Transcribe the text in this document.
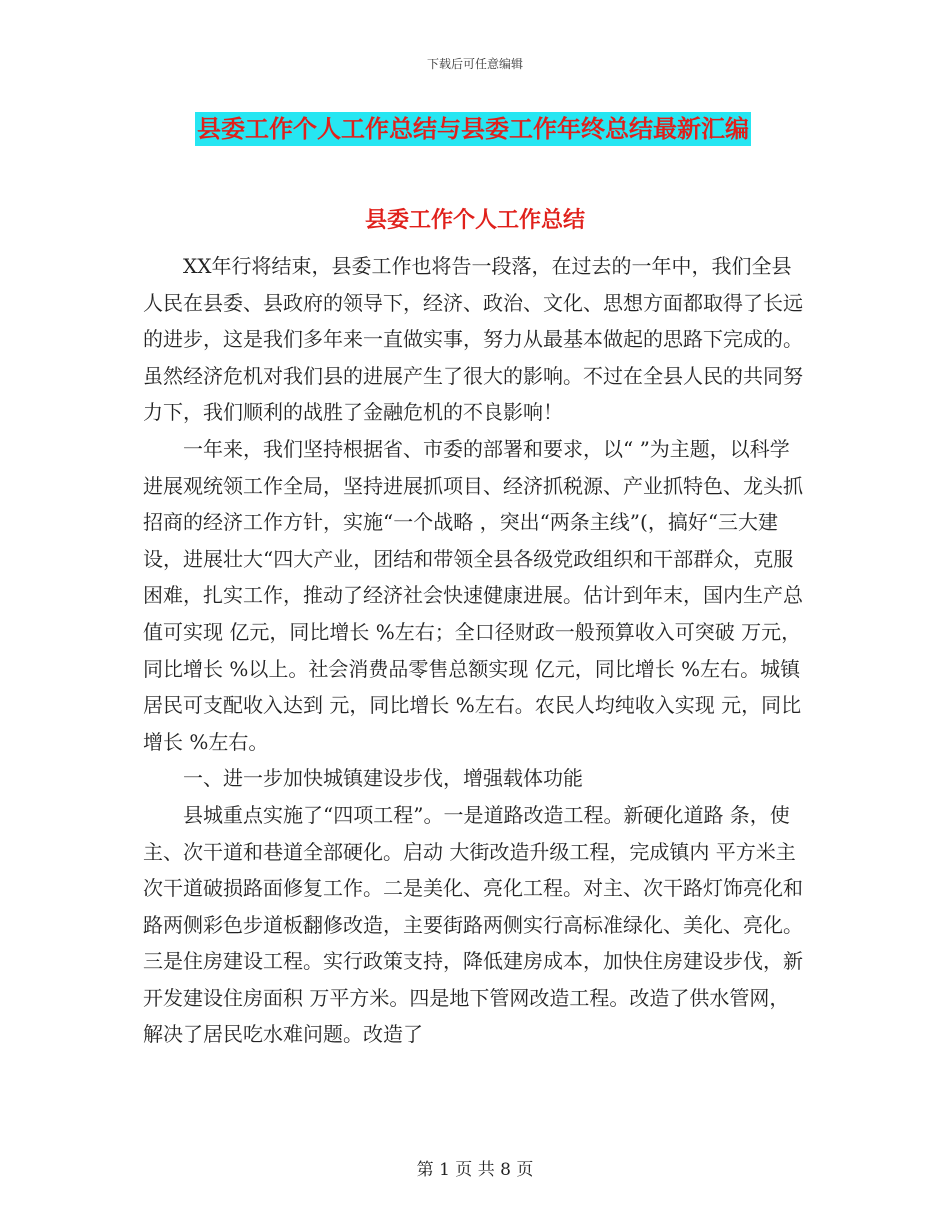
下载后可任意编辑
县委工作个人工作总结与县委工作年终总结最新汇编
县委工作个人工作总结

XX年行将结束，县委工作也将告一段落，在过去的一年中，我们全县人民在县委、县政府的领导下，经济、政治、文化、思想方面都取得了长远的进步，这是我们多年来一直做实事，努力从最基本做起的思路下完成的。虽然经济危机对我们县的进展产生了很大的影响。不过在全县人民的共同努力下，我们顺利的战胜了金融危机的不良影响！

一年来，我们坚持根据省、市委的部署和要求，以“ ”为主题，以科学进展观统领工作全局，坚持进展抓项目、经济抓税源、产业抓特色、龙头抓招商的经济工作方针，实施“一个战略 ，突出“两条主线”(，搞好“三大建设，进展壮大“四大产业，团结和带领全县各级党政组织和干部群众，克服困难，扎实工作，推动了经济社会快速健康进展。估计到年末，国内生产总值可实现 亿元，同比增长 %左右；全口径财政一般预算收入可突破 万元，同比增长 %以上。社会消费品零售总额实现 亿元，同比增长 %左右。城镇居民可支配收入达到 元，同比增长 %左右。农民人均纯收入实现 元，同比增长 %左右。

一、进一步加快城镇建设步伐，增强载体功能

县城重点实施了“四项工程”。一是道路改造工程。新硬化道路 条，使主、次干道和巷道全部硬化。启动 大街改造升级工程，完成镇内 平方米主次干道破损路面修复工作。二是美化、亮化工程。对主、次干路灯饰亮化和路两侧彩色步道板翻修改造，主要街路两侧实行高标准绿化、美化、亮化。三是住房建设工程。实行政策支持，降低建房成本，加快住房建设步伐，新开发建设住房面积 万平方米。四是地下管网改造工程。改造了供水管网，解决了居民吃水难问题。改造了

第 1 页 共 8 页
